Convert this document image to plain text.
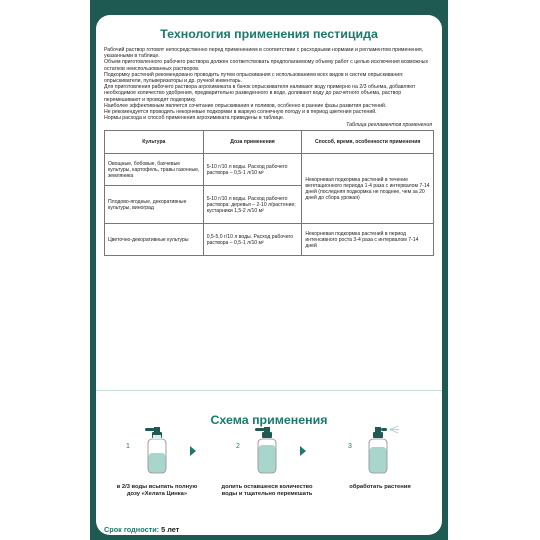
Технология применения пестицида

Рабочий раствор готовят непосредственно перед применением в соответствии с расходными нормами и регламентом применения, указанными в таблице.

Объем приготовленного рабочего раствора должен соответствовать предполагаемому объему работ с целью исключения возможных остатков неиспользованных растворов.

Подкормку растений рекомендовано проводить путем опрыскивания с использованием всех видов и систем опрыскивания: опрыскиватели, пульверизаторы и др. ручной инвентарь.

Для приготовления рабочего раствора агрохимиката в бачок опрыскивателя наливают воду примерно на 2/3 объема, добавляют необходимое количество удобрения, предварительно разведенного в воде, доливают воду до расчетного объема, раствор перемешивают и проводят подкормку.

Наиболее эффективным является сочетание опрыскивания и поливов, особенно в ранние фазы развития растений.

Не рекомендуется проводить некорневые подкормки в жаркую солнечную погоду и в период цветения растений.

Нормы расхода и способ применения агрохимиката приведены в таблице.

Таблица регламентов применения
Культура	Доза применения	Способ, время, особенности применения
Овощные, бобовые, бахчевые культуры, картофель, травы газонные, земляника	5-10 г/10 л воды. Расход рабочего раствора – 0,5-1 л/10 м²	Некорневая подкормка растений в течение вегетационного периода 1-4 раза с интервалом 7-14 дней (последняя подкормка не позднее, чем за 20 дней до сбора урожая)
Плодово-ягодные, декоративные культуры, виноград	5-10 г/10 л воды. Расход рабочего раствора: деревья – 2-10 л/растение; кустарники 1,5-2 л/10 м²	
Цветочно-декоративные культуры	0,5-5,0 г/10 л воды. Расход рабочего раствора – 0,5-1 л/10 м²	Некорневая подкормка растений в период интенсивного роста 3-4 раза с интервалом 7-14 дней
Схема применения
1
в 2/3 воды всыпать полную дозу «Хелата Цинка»
2
долить оставшееся количество воды и тщательно перемешать
3
обработать растения
Срок годности: 5 лет
